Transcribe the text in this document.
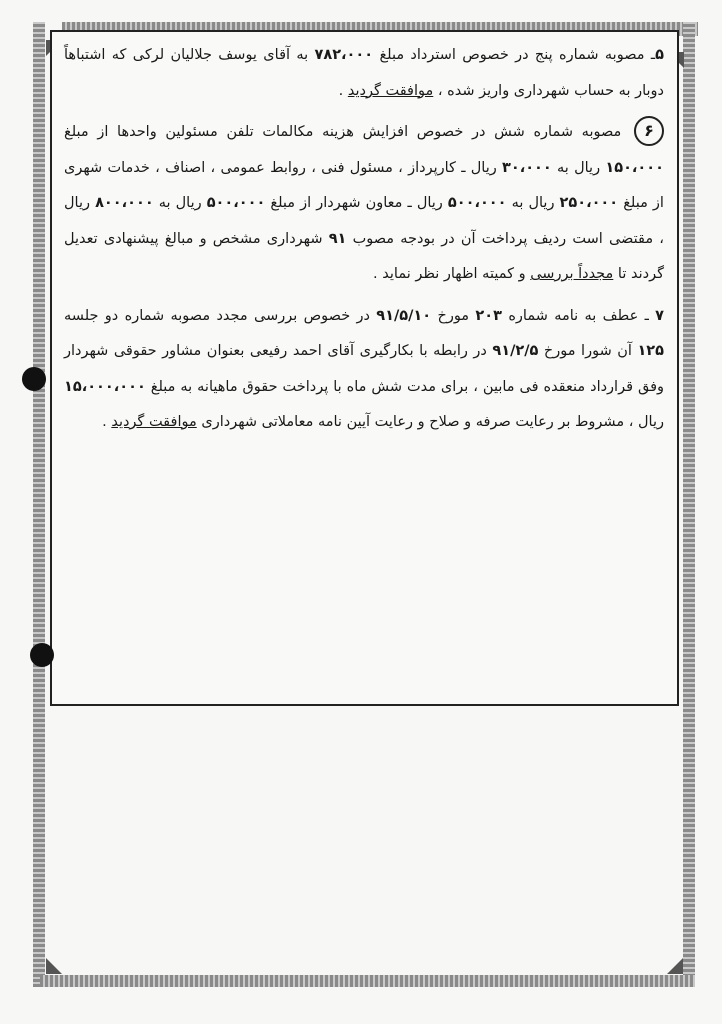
۵ـ مصوبه شماره پنج در خصوص استرداد مبلغ ۷۸۲،۰۰۰ به آقای یوسف جلالیان لرکی که اشتباهاً دوبار به حساب شهرداری واریز شده ، موافقت گردید .

۶ مصوبه شماره شش در خصوص افزایش هزینه مکالمات تلفن مسئولین واحدها از مبلغ ۱۵۰،۰۰۰ ریال به ۳۰،۰۰۰ ریال ـ کارپرداز ، مسئول فنی ، روابط عمومی ، اصناف ، خدمات شهری از مبلغ ۲۵۰،۰۰۰ ریال به ۵۰۰،۰۰۰ ریال ـ معاون شهردار از مبلغ ۵۰۰،۰۰۰ ریال به ۸۰۰،۰۰۰ ریال ، مقتضی است ردیف پرداخت آن در بودجه مصوب ۹۱ شهرداری مشخص و مبالغ پیشنهادی تعدیل گردند تا مجدداً بررسی و کمیته اظهار نظر نماید .

۷ ـ عطف به نامه شماره ۲۰۳ مورخ ۹۱/۵/۱۰ در خصوص بررسی مجدد مصوبه شماره دو جلسه ۱۲۵ آن شورا مورخ ۹۱/۲/۵ در رابطه با بکارگیری آقای احمد رفیعی بعنوان مشاور حقوقی شهردار وفق قرارداد منعقده فی مابین ، برای مدت شش ماه با پرداخت حقوق ماهیانه به مبلغ ۱۵،۰۰۰،۰۰۰ ریال ، مشروط بر رعایت صرفه و صلاح و رعایت آیین نامه معاملاتی شهرداری موافقت گردید .
